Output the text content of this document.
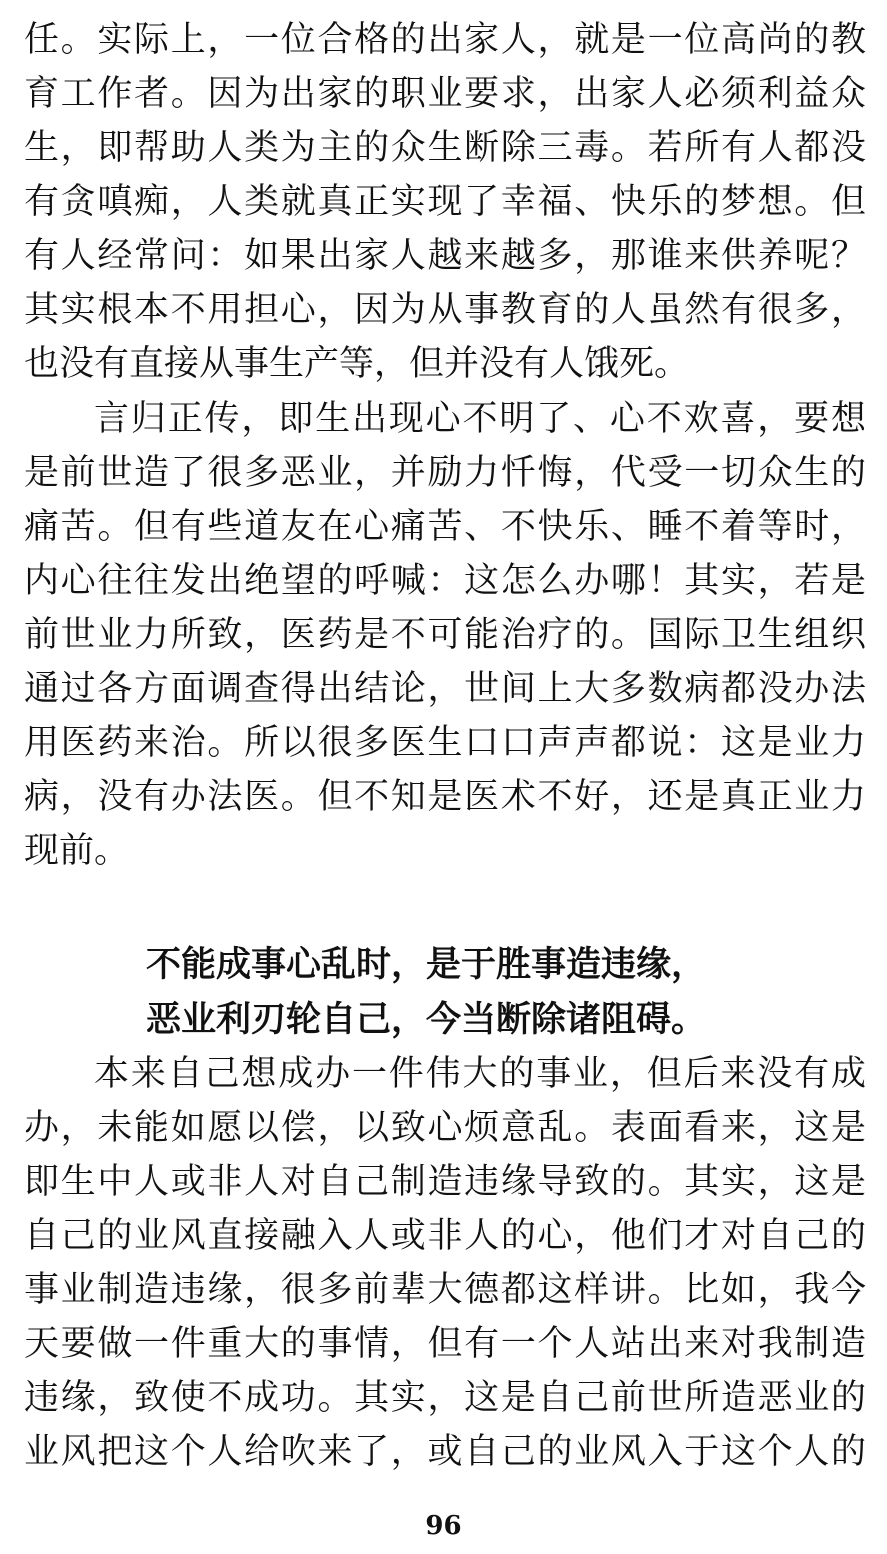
任。实际上，一位合格的出家人，就是一位高尚的教
育工作者。因为出家的职业要求，出家人必须利益众
生，即帮助人类为主的众生断除三毒。若所有人都没
有贪嗔痴，人类就真正实现了幸福、快乐的梦想。但
有人经常问：如果出家人越来越多，那谁来供养呢？
其实根本不用担心，因为从事教育的人虽然有很多，
也没有直接从事生产等，但并没有人饿死。
言归正传，即生出现心不明了、心不欢喜，要想
是前世造了很多恶业，并励力忏悔，代受一切众生的
痛苦。但有些道友在心痛苦、不快乐、睡不着等时，
内心往往发出绝望的呼喊：这怎么办哪！其实，若是
前世业力所致，医药是不可能治疗的。国际卫生组织
通过各方面调查得出结论，世间上大多数病都没办法
用医药来治。所以很多医生口口声声都说：这是业力
病，没有办法医。但不知是医术不好，还是真正业力
现前。
不能成事心乱时，是于胜事造违缘，
恶业利刃轮自己，今当断除诸阻碍。
本来自己想成办一件伟大的事业，但后来没有成
办，未能如愿以偿，以致心烦意乱。表面看来，这是
即生中人或非人对自己制造违缘导致的。其实，这是
自己的业风直接融入人或非人的心，他们才对自己的
事业制造违缘，很多前辈大德都这样讲。比如，我今
天要做一件重大的事情，但有一个人站出来对我制造
违缘，致使不成功。其实，这是自己前世所造恶业的
业风把这个人给吹来了，或自己的业风入于这个人的
96
